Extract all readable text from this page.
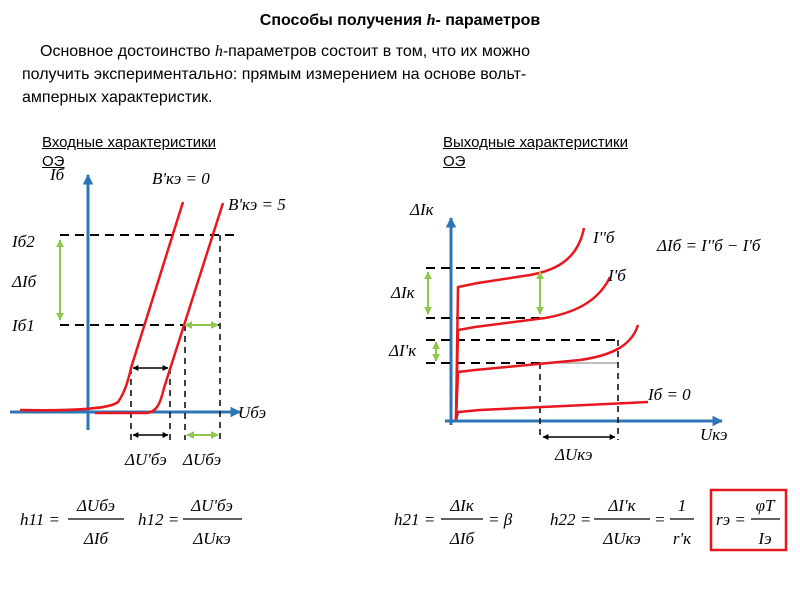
Способы получения h- параметров

Основное достоинство h-параметров состоит в том, что их можно

получить экспериментально: прямым измерением на основе вольт-

амперных характеристик.

Входные характеристики
ОЭ
Выходные характеристики
ОЭ
Iб
Uбэ
Iб2
Iб1
ΔIб
B'кэ = 0
B'кэ = 5
ΔU'бэ ΔUбэ
ΔIк
Uкэ
I''б
I'б
Iб = 0
ΔIк
ΔI'к
ΔIб = I''б − I'б
ΔUкэ
h11 =
ΔUбэ
ΔIб
h12 =
ΔU'бэ
ΔUкэ
h21 =
ΔIк
ΔIб
= β h22 =
ΔI'к
ΔUкэ
=
1
r'к
rэ =
φT
Iэ
